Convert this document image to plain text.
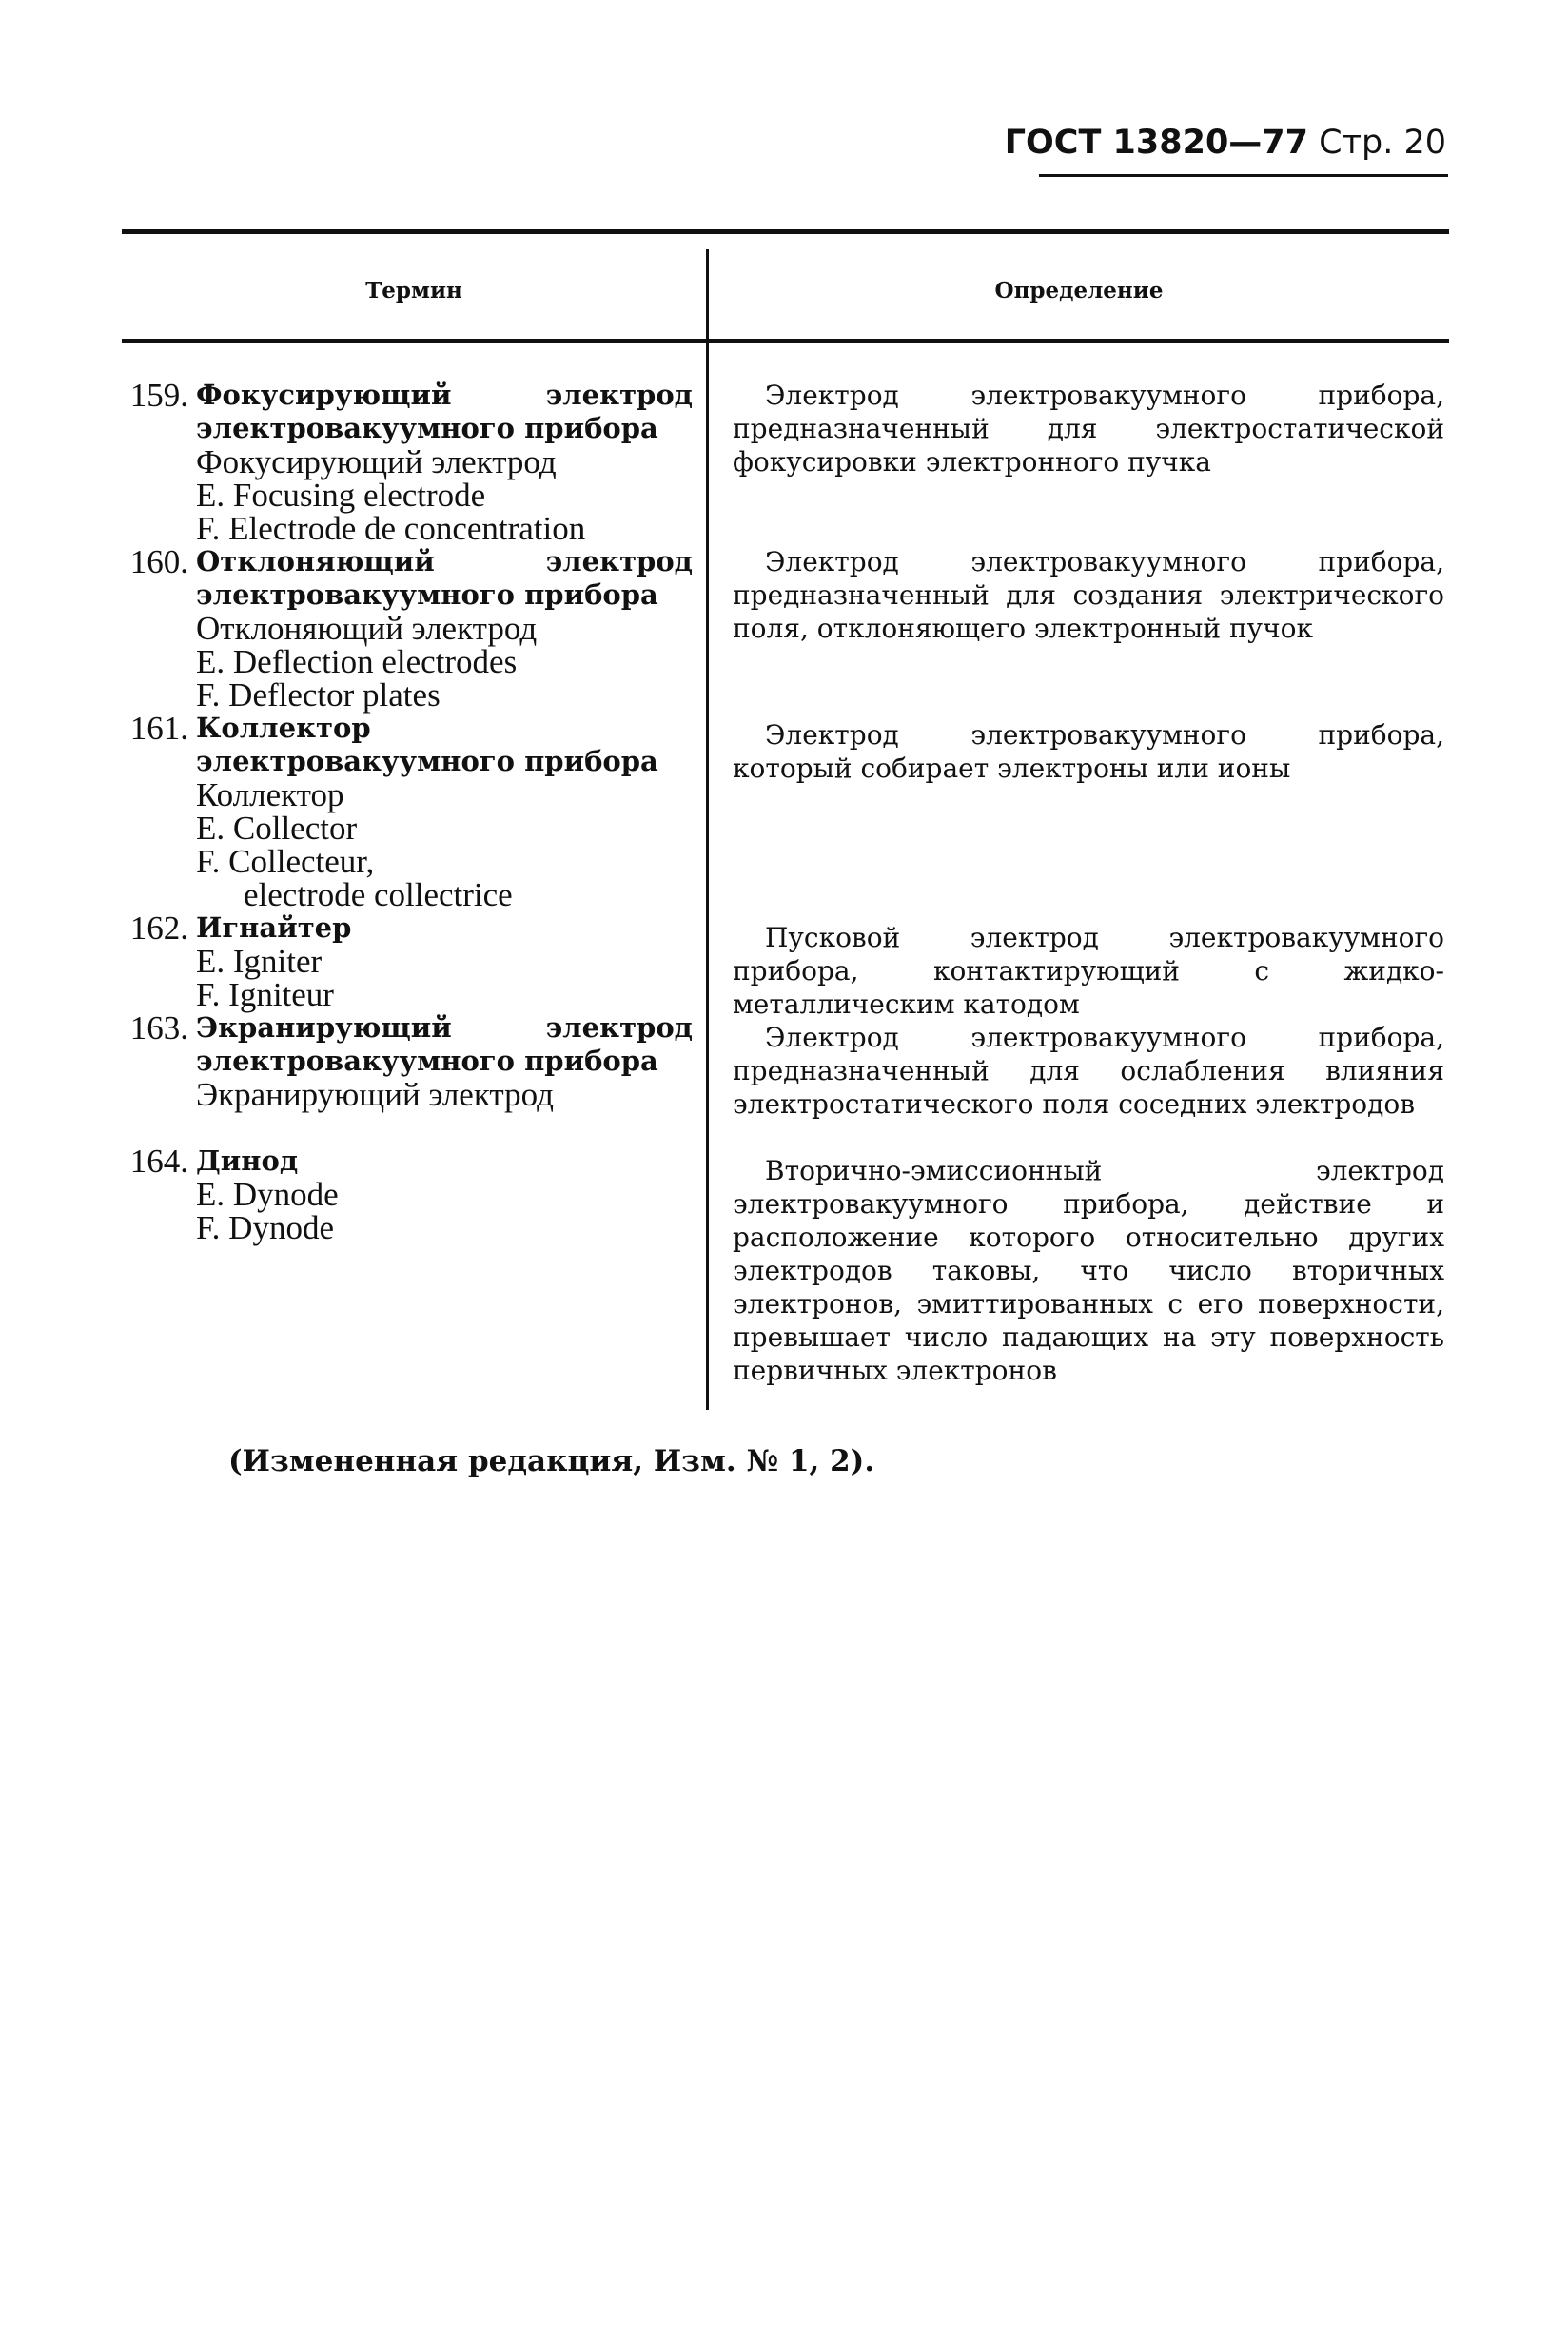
ГОСТ 13820—77 Стр. 20
Термин	Определение
159. Фокусирующий электрод электровакуумного прибора
Фокусирующий электрод
E. Focusing electrode
F. Electrode de concentration
160. Отклоняющий электрод электровакуумного прибора
Отклоняющий электрод
E. Deflection electrodes
F. Deflector plates
161. Коллектор электровакуумного прибора
Коллектор
E. Collector
F. Collecteur,
electrode collectrice
162. Игнайтер
E. Igniter
F. Igniteur
163. Экранирующий электрод электровакуумного прибора
Экранирующий электрод

164. Динод
E. Dynode
F. Dynode
Электрод электровакуумного прибора, предназначенный для электростатической фокусировки электронного пучка
Электрод электровакуумного прибора, предназначенный для создания электрического поля, отклоняющего электронный пучок
Электрод электровакуумного прибора, который собирает электроны или ионы
Пусковой электрод электровакуумного прибора, контактирующий с жидко-металлическим катодом
Электрод электровакуумного прибора, предназначенный для ослабления влияния электростатического поля соседних электродов
Вторично-эмиссионный электрод электровакуумного прибора, действие и расположение которого относительно других электродов таковы, что число вторичных электронов, эмиттированных с его поверхности, превышает число падающих на эту поверхность первичных электронов
(Измененная редакция, Изм. № 1, 2).
